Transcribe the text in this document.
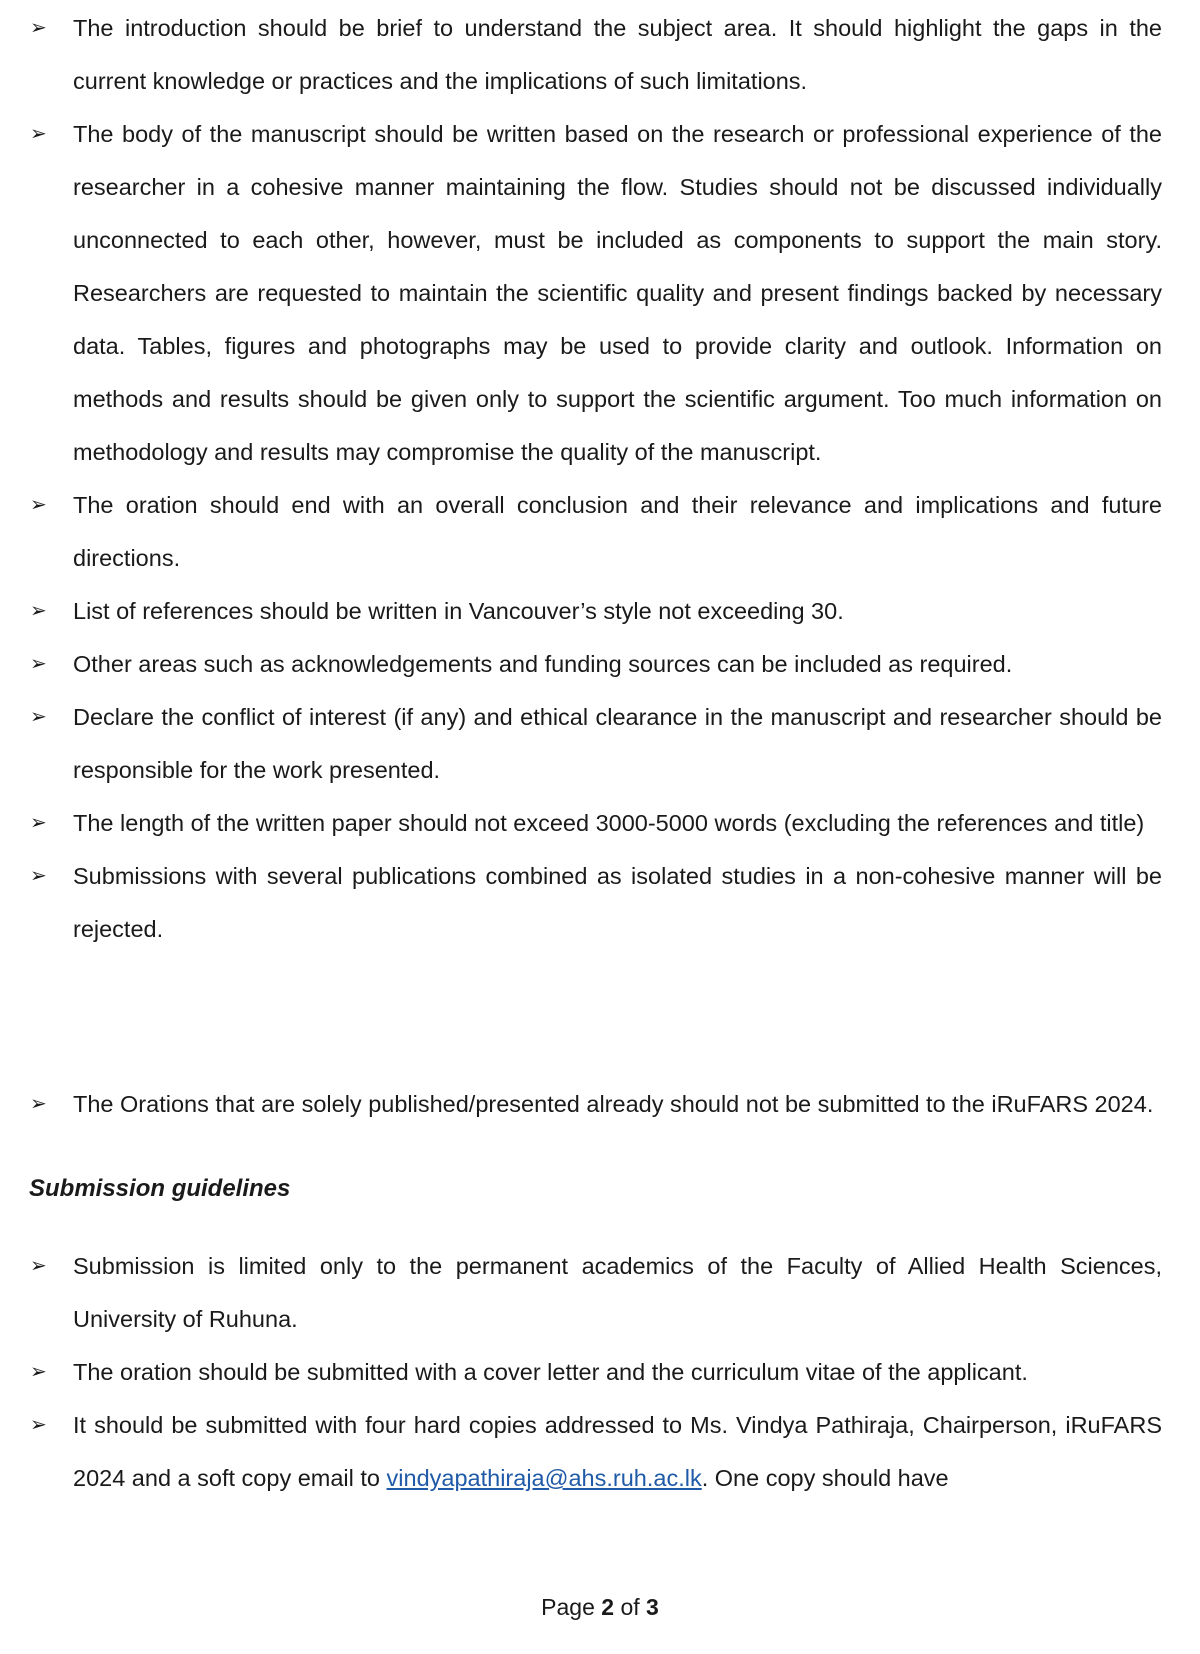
➢ The introduction should be brief to understand the subject area. It should highlight the gaps in the current knowledge or practices and the implications of such limitations.
➢ The body of the manuscript should be written based on the research or professional experience of the researcher in a cohesive manner maintaining the flow. Studies should not be discussed individually unconnected to each other, however, must be included as components to support the main story. Researchers are requested to maintain the scientific quality and present findings backed by necessary data. Tables, figures and photographs may be used to provide clarity and outlook. Information on methods and results should be given only to support the scientific argument. Too much information on methodology and results may compromise the quality of the manuscript.
➢ The oration should end with an overall conclusion and their relevance and implications and future directions.
➢ List of references should be written in Vancouver’s style not exceeding 30.
➢ Other areas such as acknowledgements and funding sources can be included as required.
➢ Declare the conflict of interest (if any) and ethical clearance in the manuscript and researcher should be responsible for the work presented.
➢ The length of the written paper should not exceed 3000-5000 words (excluding the references and title)
➢ Submissions with several publications combined as isolated studies in a non-cohesive manner will be rejected.
➢ The Orations that are solely published/presented already should not be submitted to the iRuFARS 2024.
Submission guidelines
➢ Submission is limited only to the permanent academics of the Faculty of Allied Health Sciences, University of Ruhuna.
➢ The oration should be submitted with a cover letter and the curriculum vitae of the applicant.
➢ It should be submitted with four hard copies addressed to Ms. Vindya Pathiraja, Chairperson, iRuFARS 2024 and a soft copy email to vindyapathiraja@ahs.ruh.ac.lk. One copy should have
Page 2 of 3
